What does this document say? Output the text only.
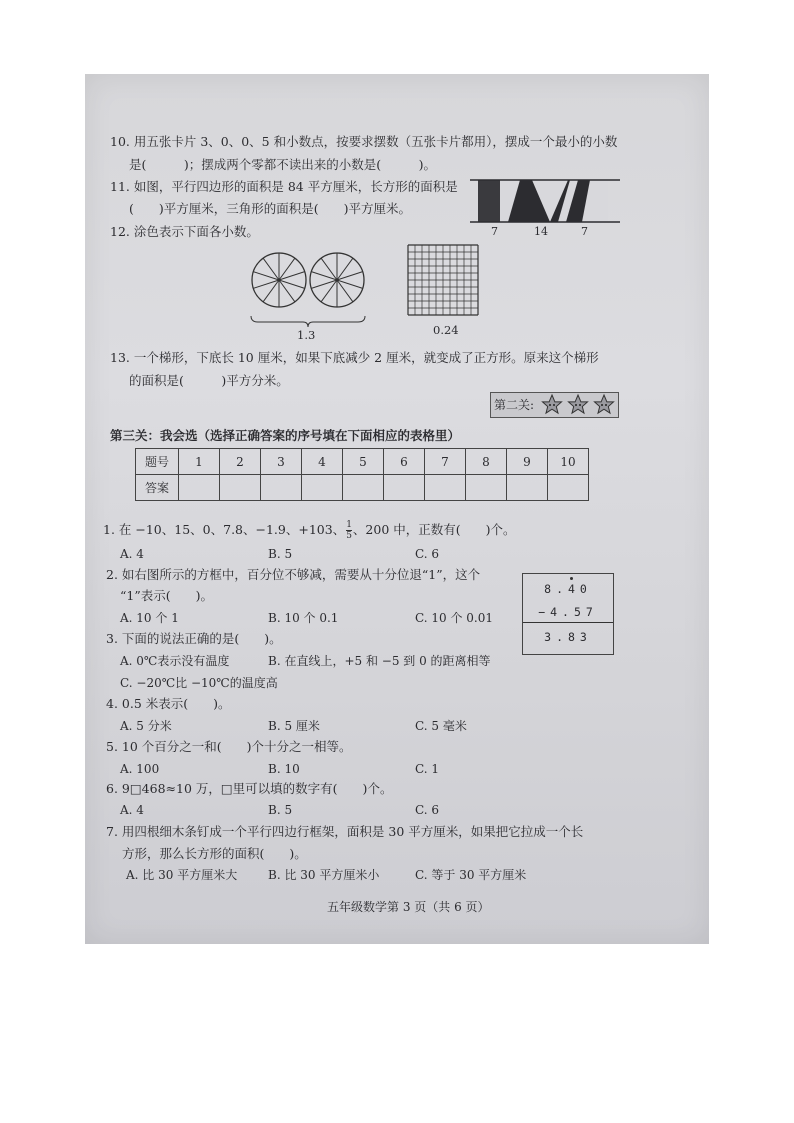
10. 用五张卡片 3、0、0、5 和小数点，按要求摆数（五张卡片都用），摆成一个最小的小数
是(　　　)；摆成两个零都不读出来的小数是(　　　)。
11. 如图，平行四边形的面积是 84 平方厘米，长方形的面积是
(　　)平方厘米，三角形的面积是(　　)平方厘米。
7	14	7
12. 涂色表示下面各小数。
1.3	0.24
13. 一个梯形，下底长 10 厘米，如果下底减少 2 厘米，就变成了正方形。原来这个梯形
的面积是(　　　)平方分米。
第二关:
第三关：我会选（选择正确答案的序号填在下面相应的表格里）
题号	1	2	3	4	5	6	7	8	9	10
答案										
1. 在 −10、15、0、7.8、−1.9、+103、 $\frac{1}{5}$ 、200 中，正数有(　　)个。
A. 4	B. 5	C. 6
2. 如右图所示的方框中，百分位不够减，需要从十分位退“1”，这个
“1”表示(　　)。
A. 10 个 1	B. 10 个 0.1	C. 10 个 0.01
8.40
−4.57
3.83
3. 下面的说法正确的是(　　)。
A. 0℃表示没有温度	B. 在直线上，+5 和 −5 到 0 的距离相等
C. −20℃比 −10℃的温度高
4. 0.5 米表示(　　)。
A. 5 分米	B. 5 厘米	C. 5 毫米
5. 10 个百分之一和(　　)个十分之一相等。
A. 100	B. 10	C. 1
6. 9□468≈10 万，□里可以填的数字有(　　)个。
A. 4	B. 5	C. 6
7. 用四根细木条钉成一个平行四边行框架，面积是 30 平方厘米，如果把它拉成一个长
方形，那么长方形的面积(　　)。
A. 比 30 平方厘米大	B. 比 30 平方厘米小	C. 等于 30 平方厘米
五年级数学第 3 页（共 6 页）
